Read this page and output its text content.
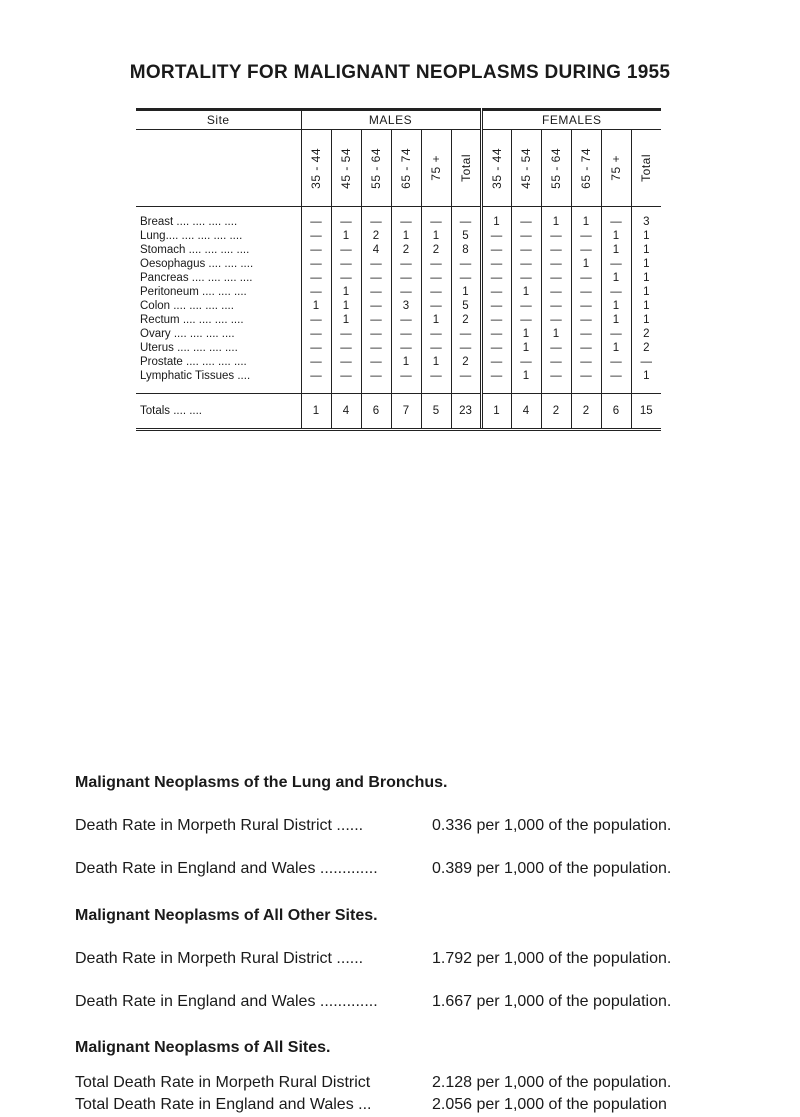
MORTALITY FOR MALIGNANT NEOPLASMS DURING 1955
Site	MALES						FEMALES					

	35 - 44	45 - 54	55 - 64	65 - 74	75 +	Total	35 - 44	45 - 54	55 - 64	65 - 74	75 +	Total

Breast .... .... .... ....	—	—	—	—	—	—	1	—	1	1	—	3
Lung.... .... .... .... ....	—	1	2	1	1	5	—	—	—	—	1	1
Stomach .... .... .... ....	—	—	4	2	2	8	—	—	—	—	1	1
Oesophagus .... .... ....	—	—	—	—	—	—	—	—	—	1	—	1
Pancreas .... .... .... ....	—	—	—	—	—	—	—	—	—	—	1	1
Peritoneum .... .... ....	—	1	—	—	—	1	—	1	—	—	—	1
Colon .... .... .... ....	1	1	—	3	—	5	—	—	—	—	1	1
Rectum .... .... .... ....	—	1	—	—	1	2	—	—	—	—	1	1
Ovary .... .... .... ....	—	—	—	—	—	—	—	1	1	—	—	2
Uterus .... .... .... ....	—	—	—	—	—	—	—	1	—	—	1	2
Prostate .... .... .... ....	—	—	—	1	1	2	—	—	—	—	—	—
Lymphatic Tissues ....	—	—	—	—	—	—	—	1	—	—	—	1

Totals .... ....	1	4	6	7	5	23	1	4	2	2	6	15
Malignant Neoplasms of the Lung and Bronchus.
Death Rate in Morpeth Rural District ......	0.336 per 1,000 of the population.
Death Rate in England and Wales .............	0.389 per 1,000 of the population.
Malignant Neoplasms of All Other Sites.
Death Rate in Morpeth Rural District ......	1.792 per 1,000 of the population.
Death Rate in England and Wales .............	1.667 per 1,000 of the population.
Malignant Neoplasms of All Sites.
Total Death Rate in Morpeth Rural District	2.128 per 1,000 of the population.
Total Death Rate in England and Wales ...	2.056 per 1,000 of the population
